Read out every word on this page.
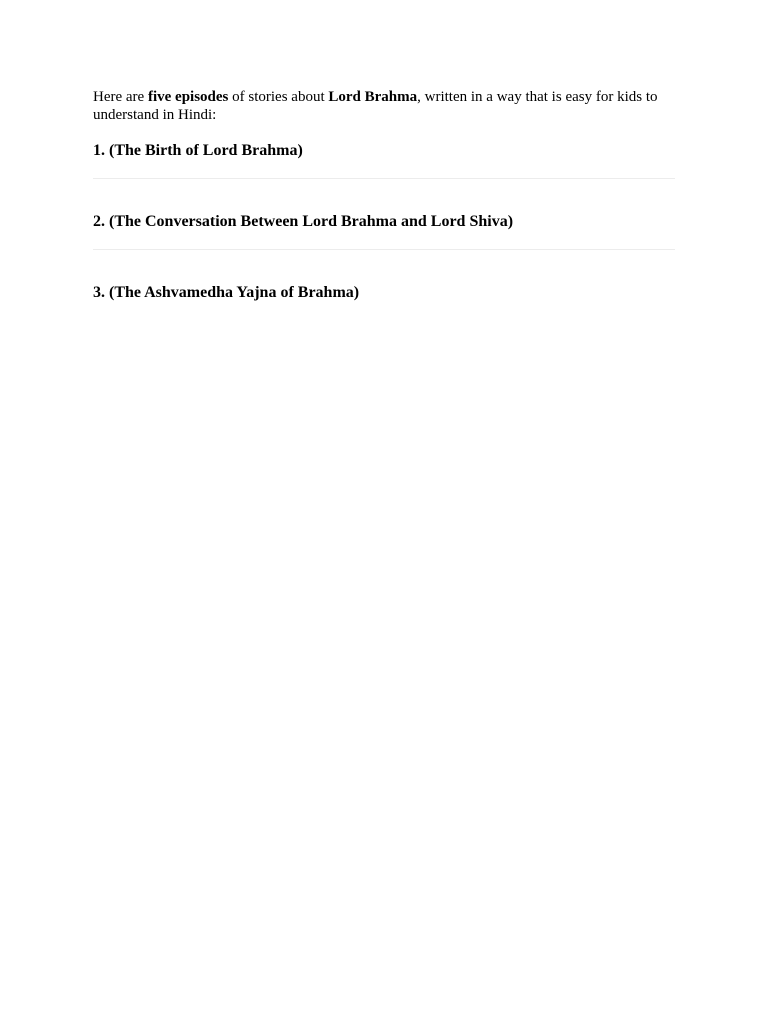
Here are five episodes of stories about Lord Brahma, written in a way that is easy for kids to understand in Hindi:

1. (The Birth of Lord Brahma)

2. (The Conversation Between Lord Brahma and Lord Shiva)

3. (The Ashvamedha Yajna of Brahma)
